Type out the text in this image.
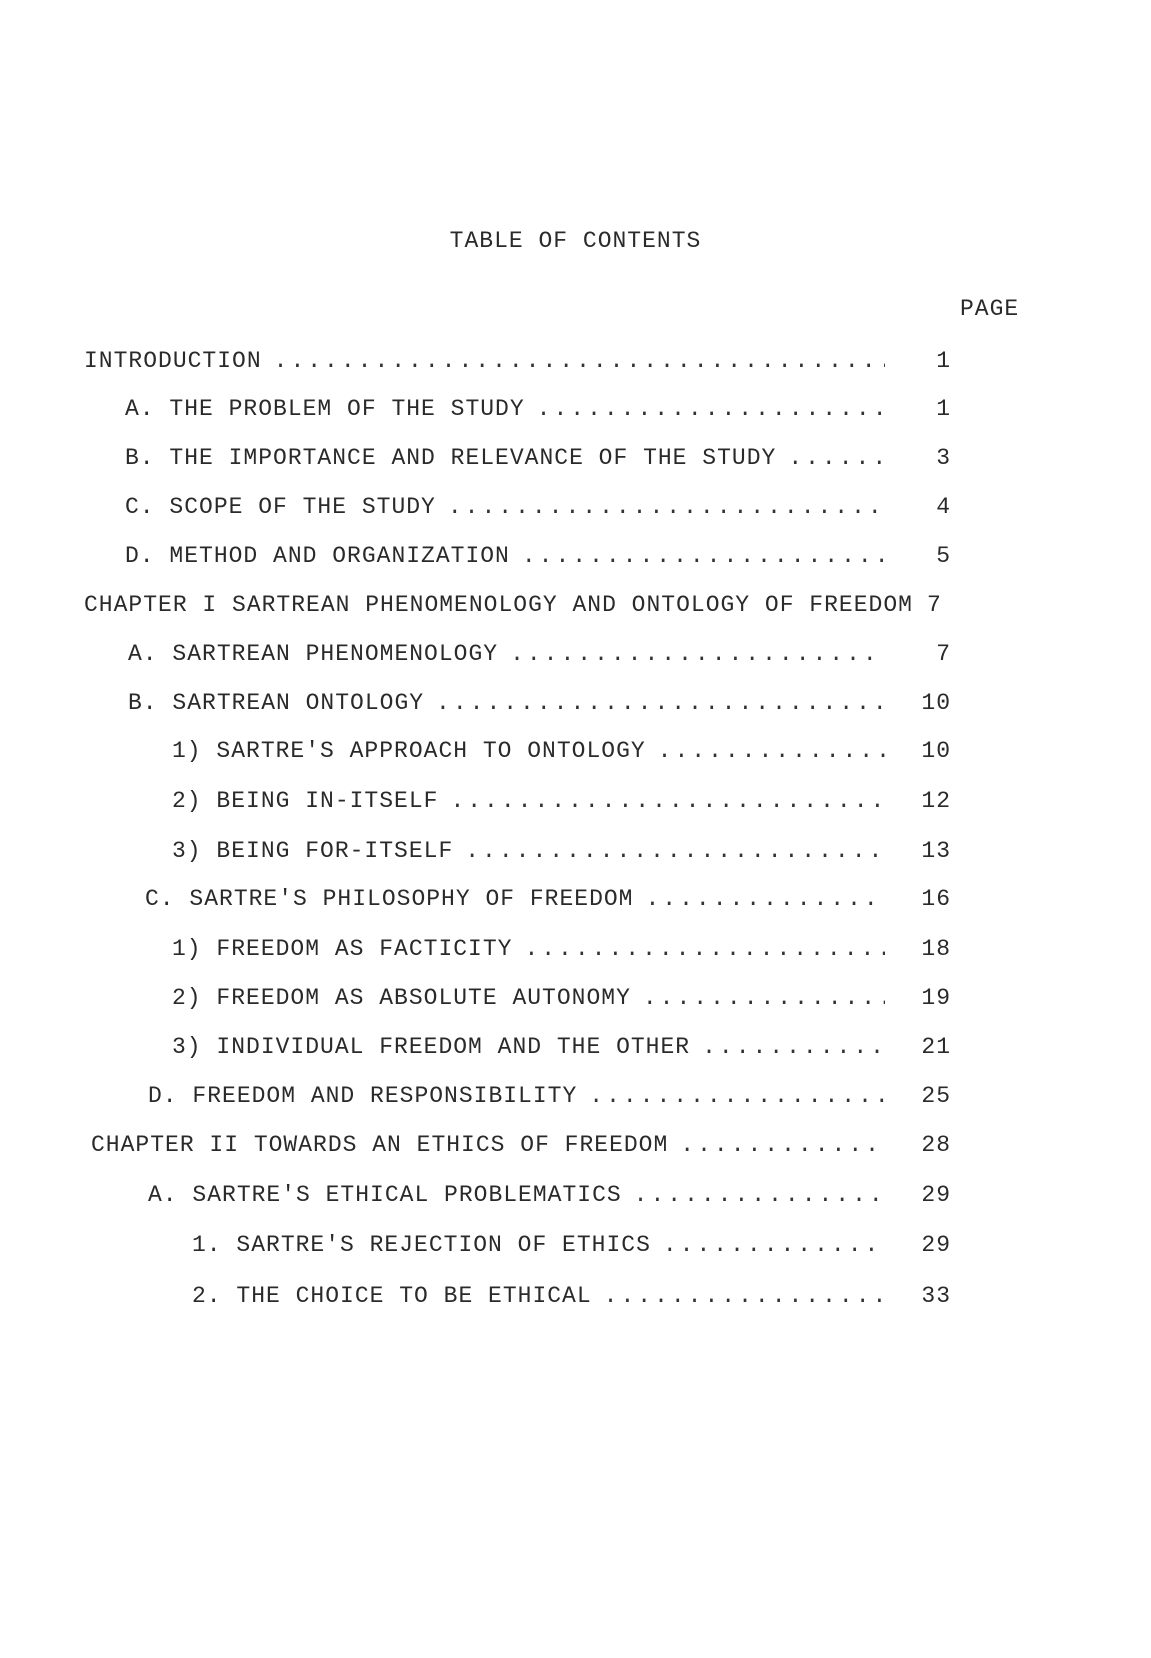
TABLE OF CONTENTS
PAGE
INTRODUCTION .....	1
A. THE PROBLEM OF THE STUDY .....	1
B. THE IMPORTANCE AND RELEVANCE OF THE STUDY .....	3
C. SCOPE OF THE STUDY .....	4
D. METHOD AND ORGANIZATION .....	5
CHAPTER I SARTREAN PHENOMENOLOGY AND ONTOLOGY OF FREEDOM 7
A. SARTREAN PHENOMENOLOGY .....	7
B. SARTREAN ONTOLOGY .....	10
1) SARTRE'S APPROACH TO ONTOLOGY .....	10
2) BEING IN-ITSELF .....	12
3) BEING FOR-ITSELF .....	13
C. SARTRE'S PHILOSOPHY OF FREEDOM .....	16
1) FREEDOM AS FACTICITY .....	18
2) FREEDOM AS ABSOLUTE AUTONOMY .....	19
3) INDIVIDUAL FREEDOM AND THE OTHER .....	21
D. FREEDOM AND RESPONSIBILITY .....	25
CHAPTER II TOWARDS AN ETHICS OF FREEDOM .....	28
A. SARTRE'S ETHICAL PROBLEMATICS .....	29
1. SARTRE'S REJECTION OF ETHICS .....	29
2. THE CHOICE TO BE ETHICAL .....	33
